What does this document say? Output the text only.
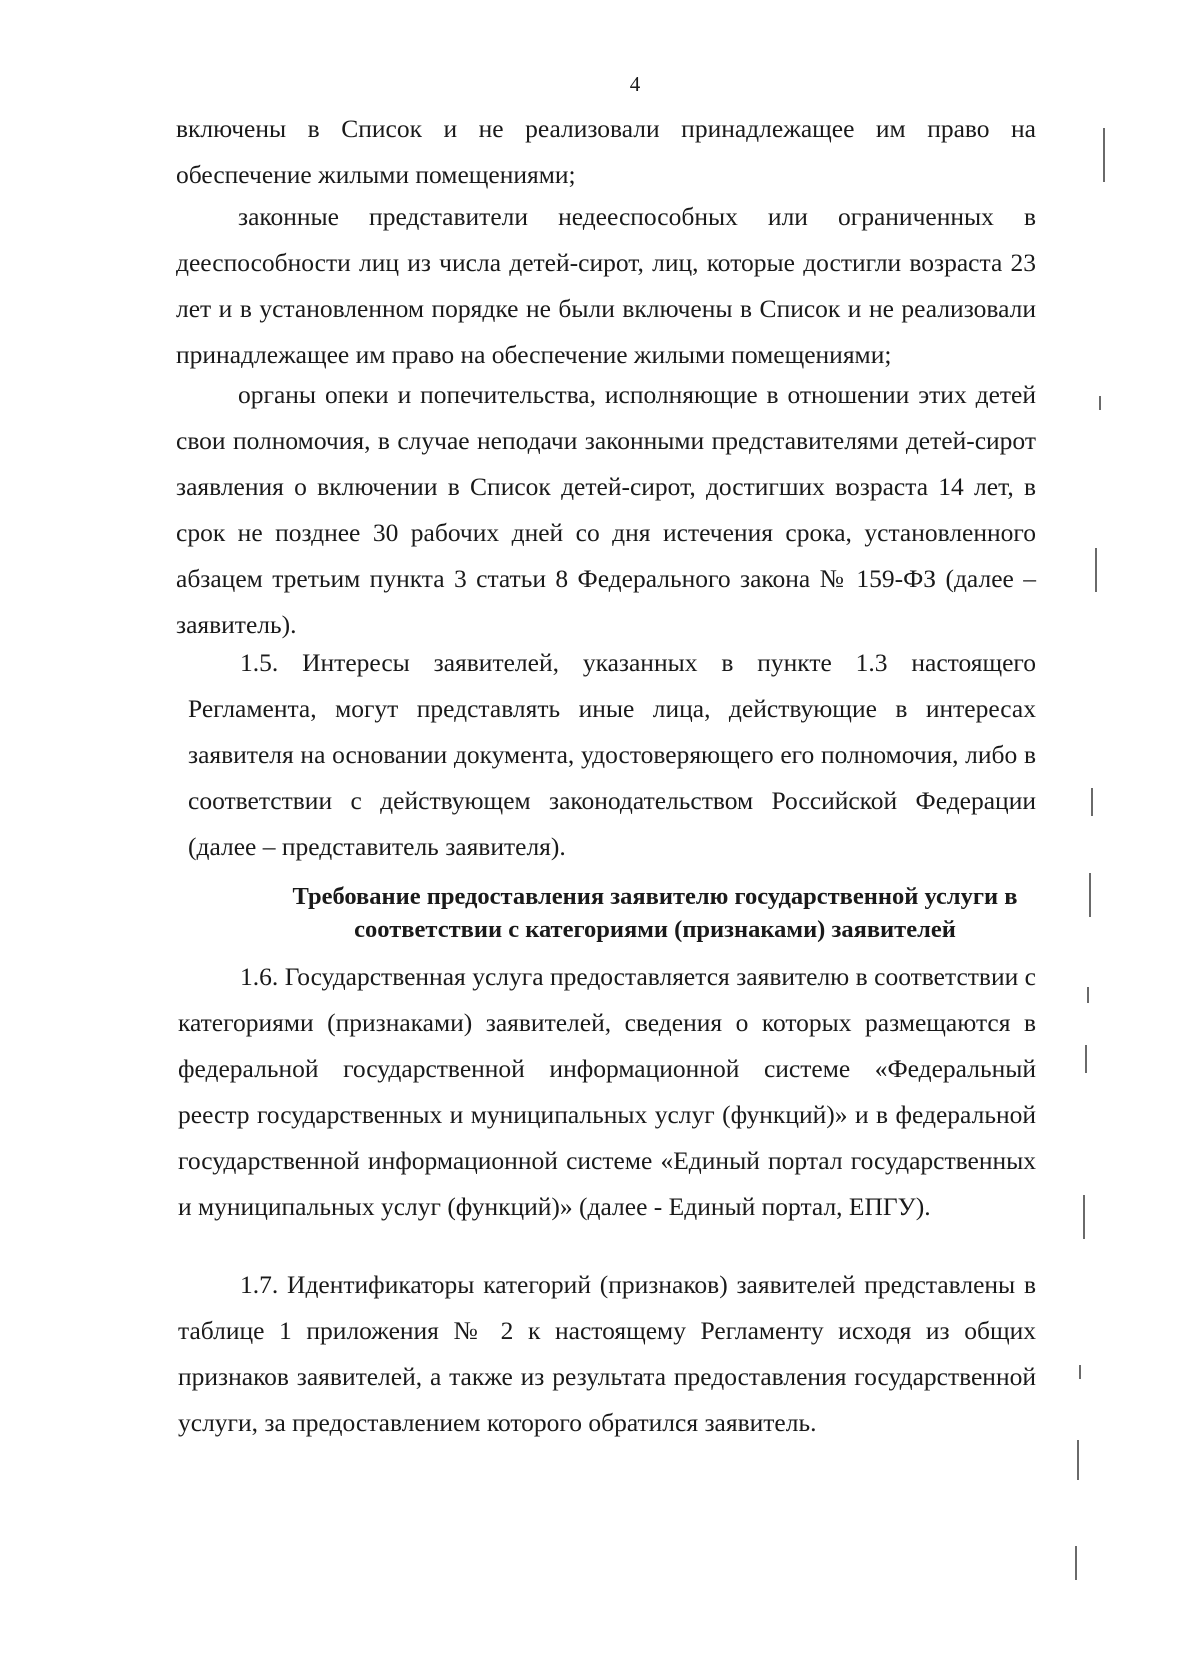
4

включены в Список и не реализовали принадлежащее им право на обеспечение жилыми помещениями;

законные представители недееспособных или ограниченных в дееспособности лиц из числа детей-сирот, лиц, которые достигли возраста 23 лет и в установленном порядке не были включены в Список и не реализовали принадлежащее им право на обеспечение жилыми помещениями;

органы опеки и попечительства, исполняющие в отношении этих детей свои полномочия, в случае неподачи законными представителями детей-сирот заявления о включении в Список детей-сирот, достигших возраста 14 лет, в срок не позднее 30 рабочих дней со дня истечения срока, установленного абзацем третьим пункта 3 статьи 8 Федерального закона № 159-ФЗ (далее – заявитель).

1.5. Интересы заявителей, указанных в пункте 1.3 настоящего Регламента, могут представлять иные лица, действующие в интересах заявителя на основании документа, удостоверяющего его полномочия, либо в соответствии с действующем законодательством Российской Федерации (далее – представитель заявителя).

Требование предоставления заявителю государственной услуги в
соответствии с категориями (признаками) заявителей

1.6. Государственная услуга предоставляется заявителю в соответствии с категориями (признаками) заявителей, сведения о которых размещаются в федеральной государственной информационной системе «Федеральный реестр государственных и муниципальных услуг (функций)» и в федеральной государственной информационной системе «Единый портал государственных и муниципальных услуг (функций)» (далее - Единый портал, ЕПГУ).

1.7. Идентификаторы категорий (признаков) заявителей представлены в таблице 1 приложения № 2 к настоящему Регламенту исходя из общих признаков заявителей, а также из результата предоставления государственной услуги, за предоставлением которого обратился заявитель.
